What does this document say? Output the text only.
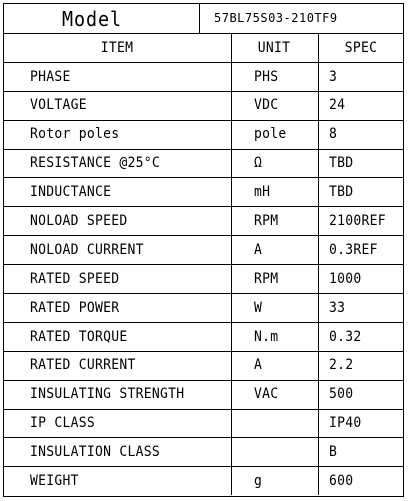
Model	57BL75S03-210TF9
ITEM	UNIT	SPEC
PHASE	PHS	3
VOLTAGE	VDC	24
Rotor poles	pole	8
RESISTANCE @25°C	Ω	TBD
INDUCTANCE	mH	TBD
NOLOAD SPEED	RPM	2100REF
NOLOAD CURRENT	A	0.3REF
RATED SPEED	RPM	1000
RATED POWER	W	33
RATED TORQUE	N.m	0.32
RATED CURRENT	A	2.2
INSULATING STRENGTH	VAC	500
IP CLASS		IP40
INSULATION CLASS		B
WEIGHT	g	600
